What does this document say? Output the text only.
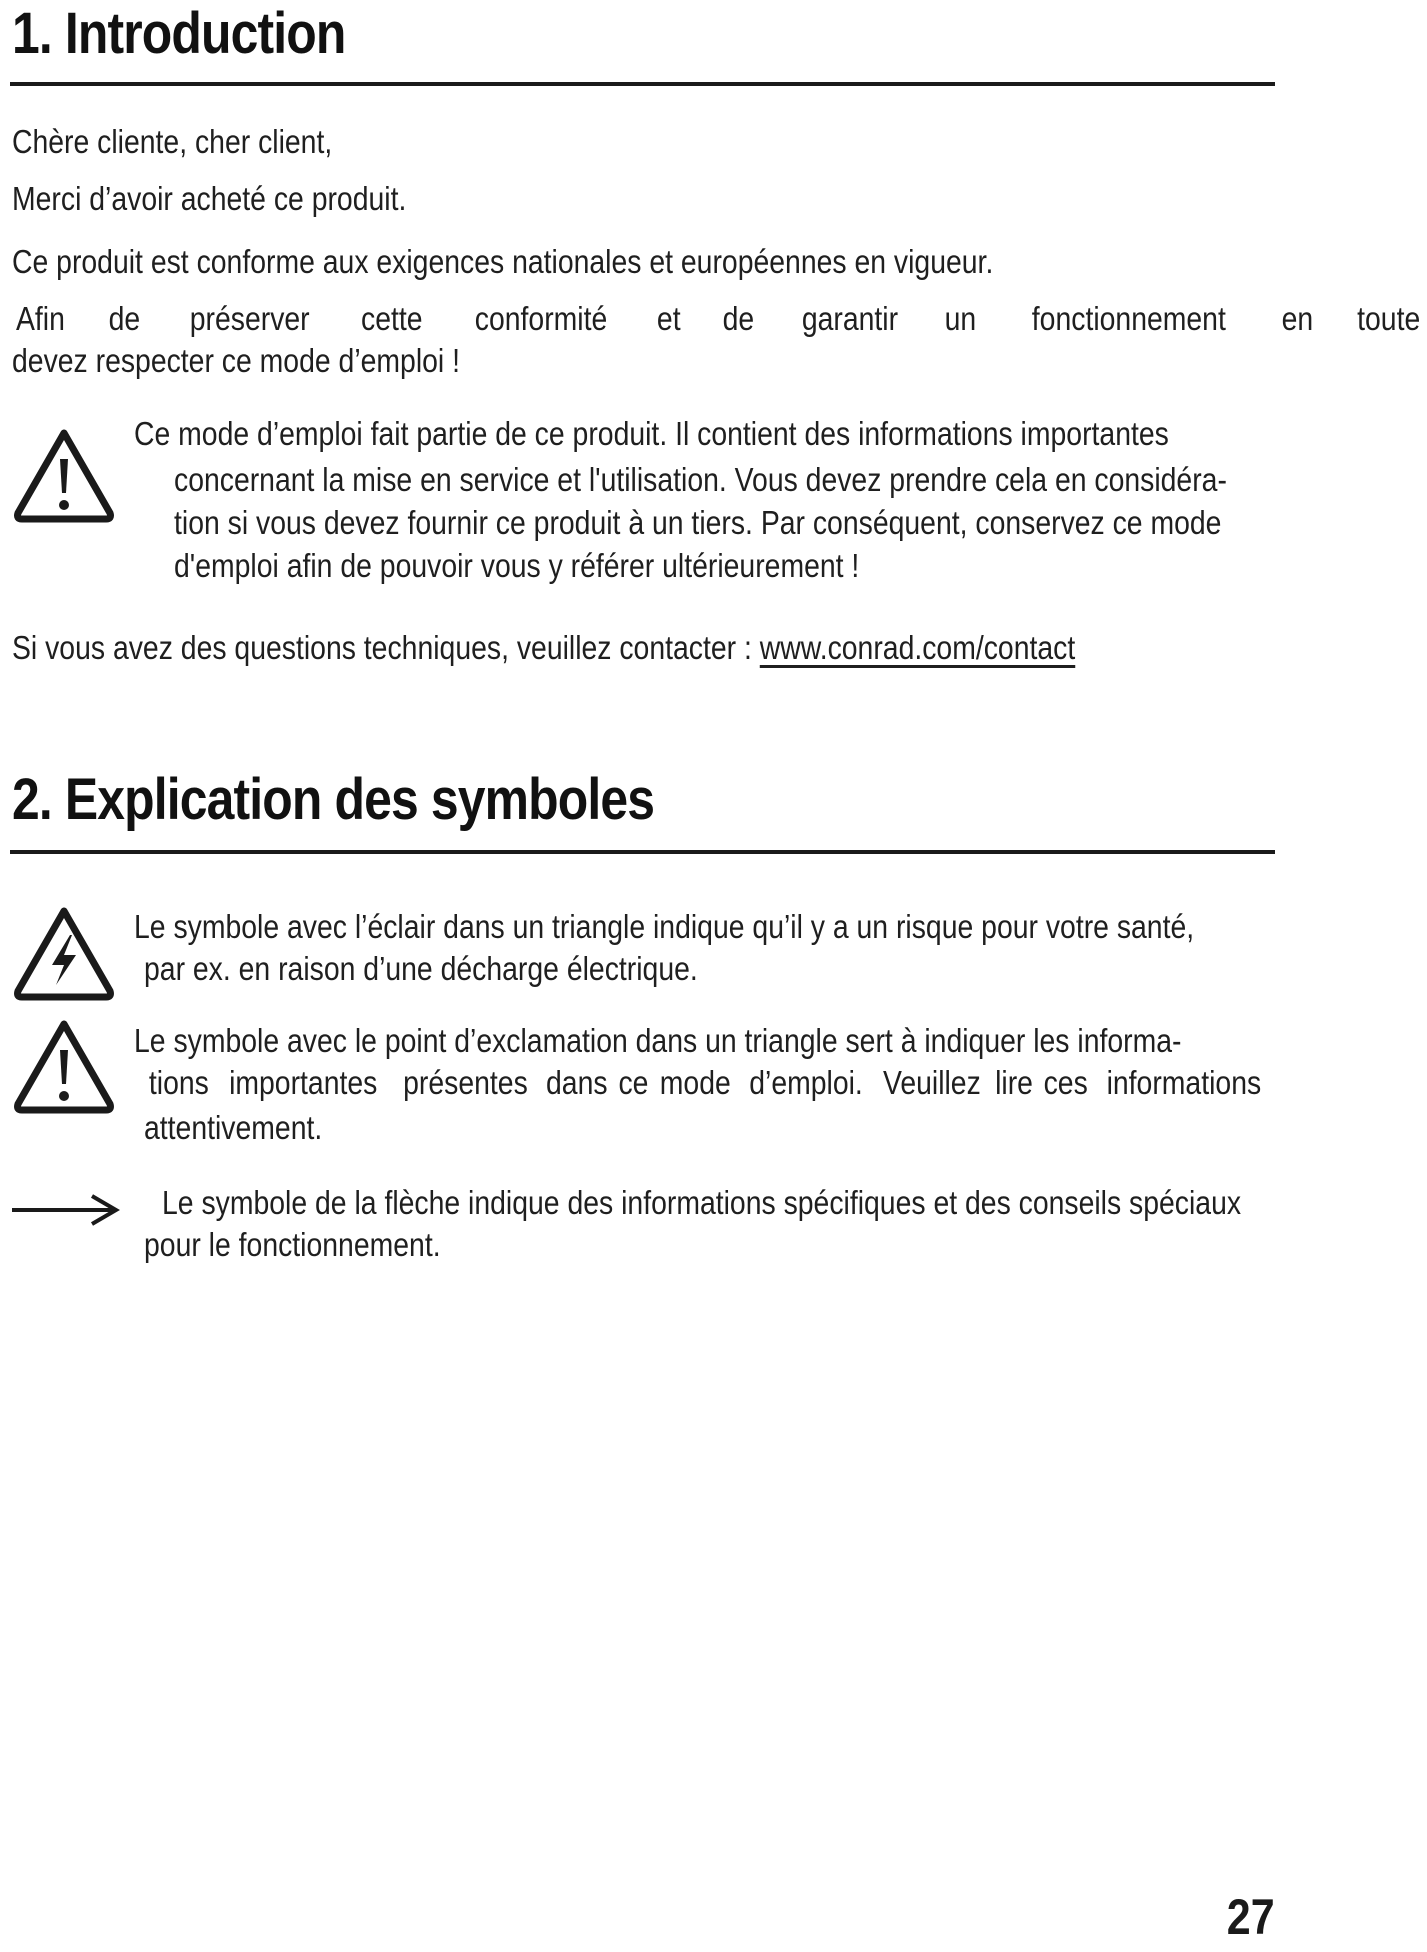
1. Introduction

Chère cliente, cher client,

Merci d’avoir acheté ce produit.

Ce produit est conforme aux exigences nationales et européennes en vigueur.

Afin de préserver cette conformité et de garantir un fonctionnement en toute

devez respecter ce mode d’emploi !

Ce mode d’emploi fait partie de ce produit. Il contient des informations importantes

concernant la mise en service et l'utilisation. Vous devez prendre cela en considéra-

tion si vous devez fournir ce produit à un tiers. Par conséquent, conservez ce mode

d'emploi afin de pouvoir vous y référer ultérieurement !

Si vous avez des questions techniques, veuillez contacter : www.conrad.com/contact

2. Explication des symboles

Le symbole avec l’éclair dans un triangle indique qu’il y a un risque pour votre santé,

par ex. en raison d’une décharge électrique.

Le symbole avec le point d’exclamation dans un triangle sert à indiquer les informa-

tions importantes présentes dans ce mode d’emploi. Veuillez lire ces informations

attentivement.

Le symbole de la flèche indique des informations spécifiques et des conseils spéciaux

pour le fonctionnement.

27
